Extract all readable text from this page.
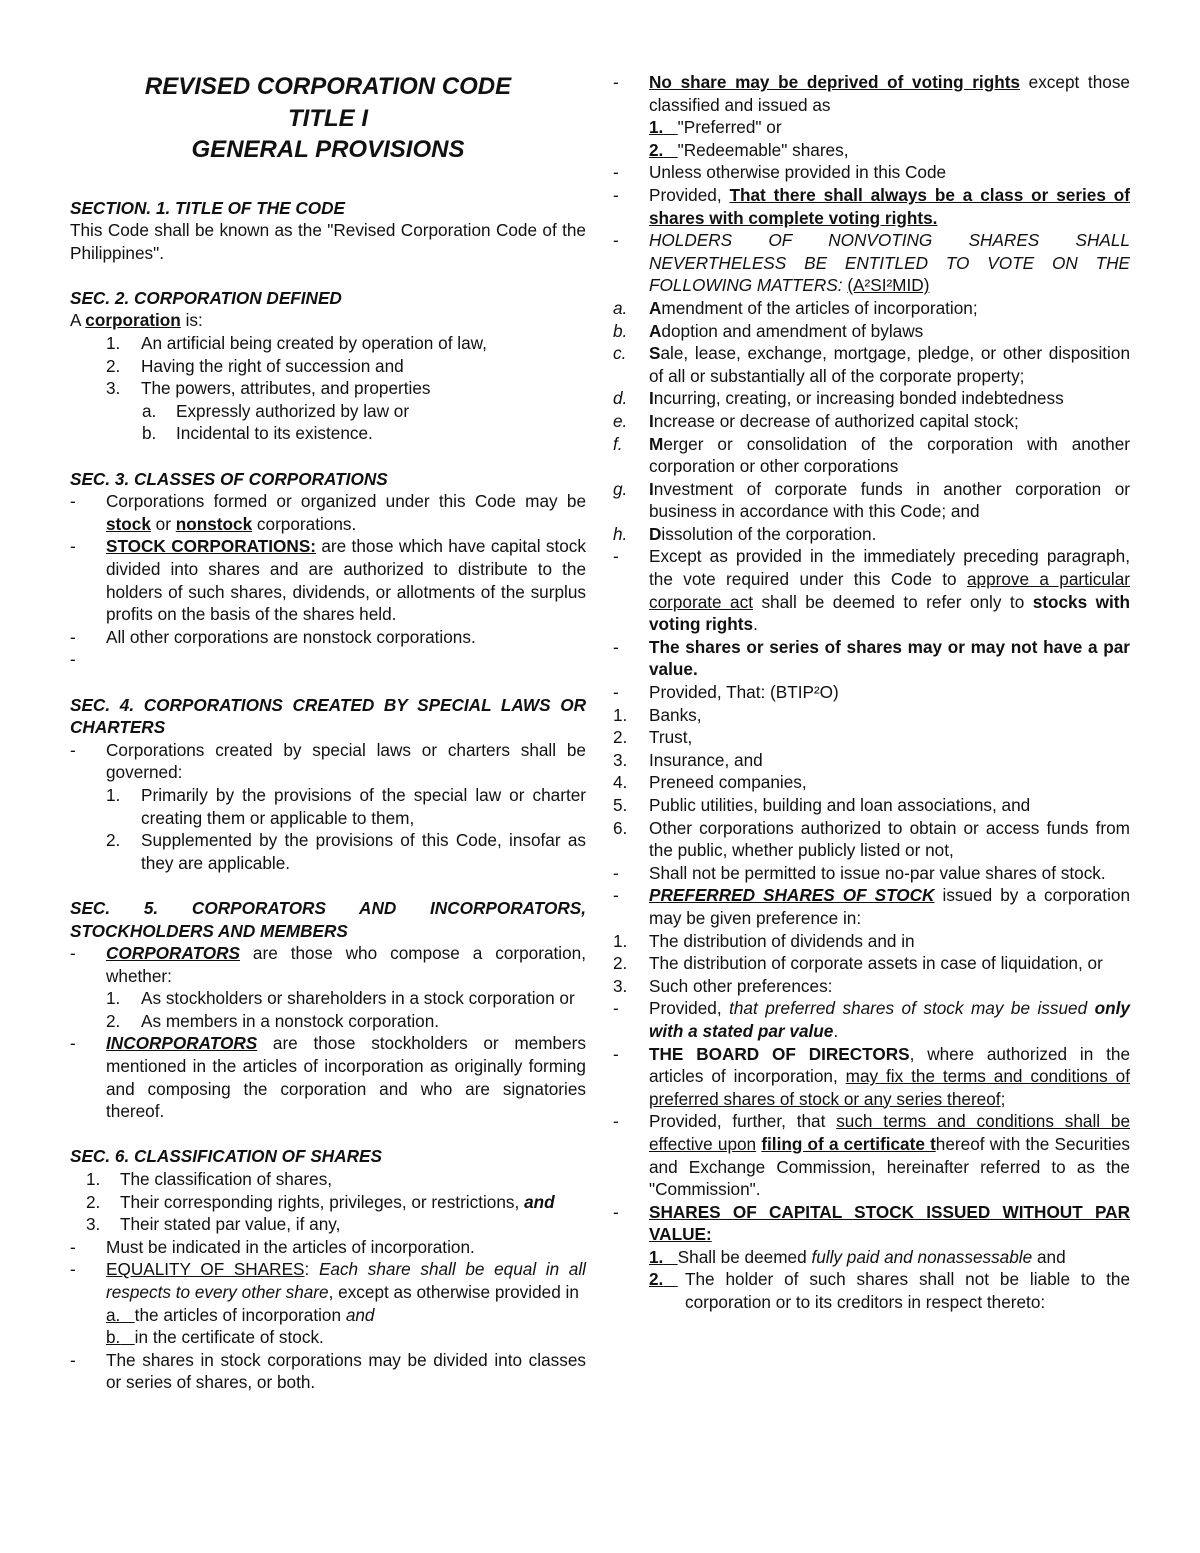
REVISED CORPORATION CODE

TITLE I

GENERAL PROVISIONS

SECTION. 1. TITLE OF THE CODE

This Code shall be known as the "Revised Corporation Code of the Philippines".

SEC. 2. CORPORATION DEFINED

A corporation is:

1.	An artificial being created by operation of law,
2.	Having the right of succession and
3.	The powers, attributes, and properties
a. Expressly authorized by law or
b. Incidental to its existence.

SEC. 3. CLASSES OF CORPORATIONS

-	Corporations formed or organized under this Code may be stock or nonstock corporations.
-	STOCK CORPORATIONS: are those which have capital stock divided into shares and are authorized to distribute to the holders of such shares, dividends, or allotments of the surplus profits on the basis of the shares held.
-	All other corporations are nonstock corporations.
-

SEC. 4. CORPORATIONS CREATED BY SPECIAL LAWS OR CHARTERS

-	Corporations created by special laws or charters shall be governed:
1.	Primarily by the provisions of the special law or charter creating them or applicable to them,
2.	Supplemented by the provisions of this Code, insofar as they are applicable.

SEC. 5. CORPORATORS AND INCORPORATORS, STOCKHOLDERS AND MEMBERS

-	CORPORATORS are those who compose a corporation, whether:
1.	As stockholders or shareholders in a stock corporation or
2.	As members in a nonstock corporation.
-	INCORPORATORS are those stockholders or members mentioned in the articles of incorporation as originally forming and composing the corporation and who are signatories thereof.

SEC. 6. CLASSIFICATION OF SHARES

1.	The classification of shares,
2.	Their corresponding rights, privileges, or restrictions, and
3.	Their stated par value, if any,
-	Must be indicated in the articles of incorporation.
-	EQUALITY OF SHARES: Each share shall be equal in all respects to every other share, except as otherwise provided in
a. the articles of incorporation and
b. in the certificate of stock.
-	The shares in stock corporations may be divided into classes or series of shares, or both.
-	No share may be deprived of voting rights except those classified and issued as
1. "Preferred" or
2. "Redeemable" shares,
-	Unless otherwise provided in this Code
-	Provided, That there shall always be a class or series of shares with complete voting rights.
-	HOLDERS OF NONVOTING SHARES SHALL NEVERTHELESS BE ENTITLED TO VOTE ON THE FOLLOWING MATTERS: (A²SI²MID)
a. Amendment of the articles of incorporation;
b. Adoption and amendment of bylaws
c. Sale, lease, exchange, mortgage, pledge, or other disposition of all or substantially all of the corporate property;
d. Incurring, creating, or increasing bonded indebtedness
e. Increase or decrease of authorized capital stock;
f. Merger or consolidation of the corporation with another corporation or other corporations
g. Investment of corporate funds in another corporation or business in accordance with this Code; and
h. Dissolution of the corporation.
-	Except as provided in the immediately preceding paragraph, the vote required under this Code to approve a particular corporate act shall be deemed to refer only to stocks with voting rights.
-	The shares or series of shares may or may not have a par value.
-	Provided, That: (BTIP²O)
1. Banks,
2. Trust,
3. Insurance, and
4. Preneed companies,
5. Public utilities, building and loan associations, and
6. Other corporations authorized to obtain or access funds from the public, whether publicly listed or not,
-	Shall not be permitted to issue no-par value shares of stock.
-	PREFERRED SHARES OF STOCK issued by a corporation may be given preference in:
1. The distribution of dividends and in
2. The distribution of corporate assets in case of liquidation, or
3. Such other preferences:
-	Provided, that preferred shares of stock may be issued only with a stated par value.
-	THE BOARD OF DIRECTORS, where authorized in the articles of incorporation, may fix the terms and conditions of preferred shares of stock or any series thereof;
-	Provided, further, that such terms and conditions shall be effective upon filing of a certificate thereof with the Securities and Exchange Commission, hereinafter referred to as the "Commission".
-	SHARES OF CAPITAL STOCK ISSUED WITHOUT PAR VALUE:
1. Shall be deemed fully paid and nonassessable and
2.	The holder of such shares shall not be liable to the corporation or to its creditors in respect thereto:
